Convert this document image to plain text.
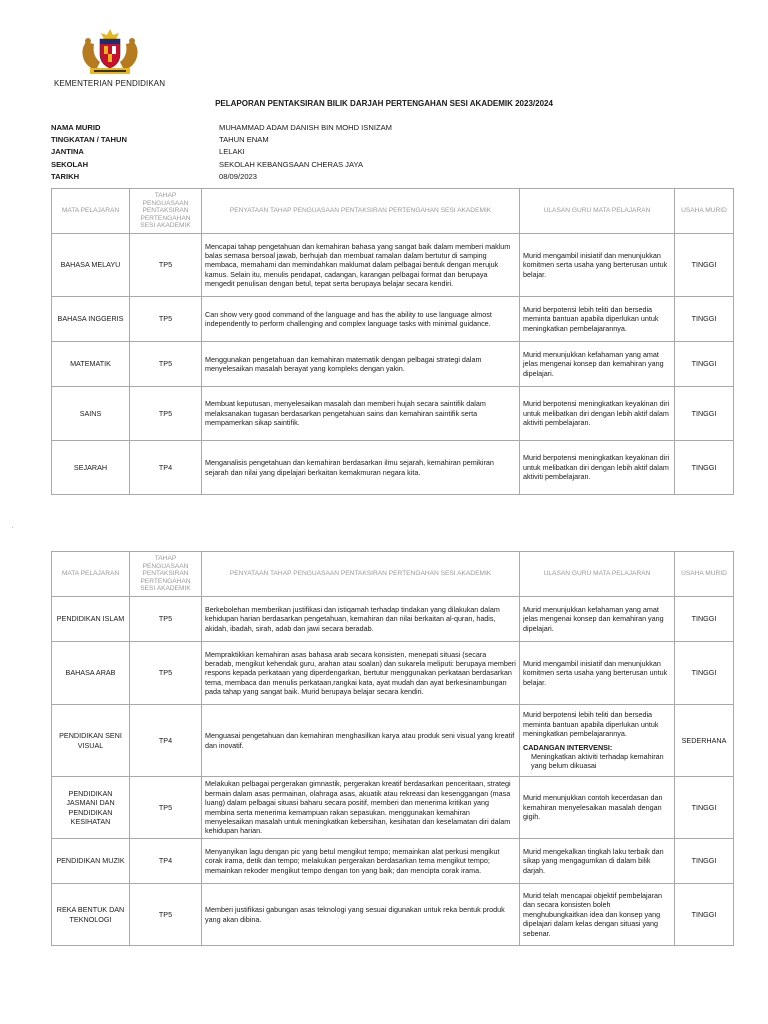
KEMENTERIAN PENDIDIKAN
PELAPORAN PENTAKSIRAN BILIK DARJAH PERTENGAHAN SESI AKADEMIK 2023/2024
NAMA MURID	MUHAMMAD ADAM DANISH BIN MOHD ISNIZAM
TINGKATAN / TAHUN	TAHUN ENAM
JANTINA	LELAKI
SEKOLAH	SEKOLAH KEBANGSAAN CHERAS JAYA
TARIKH	08/09/2023
MATA PELAJARAN	TAHAP PENGUASAAN PENTAKSIRAN PERTENGAHAN SESI AKADEMIK	PENYATAAN TAHAP PENGUASAAN PENTAKSIRAN PERTENGAHAN SESI AKADEMIK	ULASAN GURU MATA PELAJARAN	USAHA MURID
BAHASA MELAYU	TP5	Mencapai tahap pengetahuan dan kemahiran bahasa yang sangat baik dalam memberi maklum balas semasa bersoal jawab, berhujah dan membuat ramalan dalam bertutur di samping membaca, memahami dan memindahkan maklumat dalam pelbagai bentuk dengan merujuk kamus. Selain itu, menulis pendapat, cadangan, karangan pelbagai format dan berupaya mengedit penulisan dengan betul, tepat serta berupaya belajar secara kendiri.	Murid mengambil inisiatif dan menunjukkan komitmen serta usaha yang berterusan untuk belajar.	TINGGI
BAHASA INGGERIS	TP5	Can show very good command of the language and has the ability to use language almost independently to perform challenging and complex language tasks with minimal guidance.	Murid berpotensi lebih teliti dan bersedia meminta bantuan apabila diperlukan untuk meningkatkan pembelajarannya.	TINGGI
MATEMATIK	TP5	Menggunakan pengetahuan dan kemahiran matematik dengan pelbagai strategi dalam menyelesaikan masalah berayat yang kompleks dengan yakin.	Murid menunjukkan kefahaman yang amat jelas mengenai konsep dan kemahiran yang dipelajari.	TINGGI
SAINS	TP5	Membuat keputusan, menyelesaikan masalah dan memberi hujah secara saintifik dalam melaksanakan tugasan berdasarkan pengetahuan sains dan kemahiran saintifik serta mempamerkan sikap saintifik.	Murid berpotensi meningkatkan keyakinan diri untuk melibatkan diri dengan lebih aktif dalam aktiviti pembelajaran.	TINGGI
SEJARAH	TP4	Menganalisis pengetahuan dan kemahiran berdasarkan ilmu sejarah, kemahiran pemikiran sejarah dan nilai yang dipelajari berkaitan kemakmuran negara kita.	Murid berpotensi meningkatkan keyakinan diri untuk melibatkan diri dengan lebih aktif dalam aktiviti pembelajaran.	TINGGI
MATA PELAJARAN	TAHAP PENGUASAAN PENTAKSIRAN PERTENGAHAN SESI AKADEMIK	PENYATAAN TAHAP PENGUASAAN PENTAKSIRAN PERTENGAHAN SESI AKADEMIK	ULASAN GURU MATA PELAJARAN	USAHA MURID
PENDIDIKAN ISLAM	TP5	Berkebolehan memberikan justifikasi dan istiqamah terhadap tindakan yang dilakukan dalam kehidupan harian berdasarkan pengetahuan, kemahiran dan nilai berkaitan al-quran, hadis, akidah, ibadah, sirah, adab dan jawi secara beradab.	Murid menunjukkan kefahaman yang amat jelas mengenai konsep dan kemahiran yang dipelajari.	TINGGI
BAHASA ARAB	TP5	Mempraktikkan kemahiran asas bahasa arab secara konsisten, menepati situasi (secara beradab, mengikut kehendak guru, arahan atau soalan) dan sukarela meliputi: berupaya memberi respons kepada perkataan yang diperdengarkan, bertutur menggunakan perkataan berdasarkan tema, membaca dan menulis perkataan,rangkai kata, ayat mudah dan ayat berkesinambungan pada tahap yang sangat baik. Murid berupaya belajar secara kendiri.	Murid mengambil inisiatif dan menunjukkan komitmen serta usaha yang berterusan untuk belajar.	TINGGI
PENDIDIKAN SENI VISUAL	TP4	Menguasai pengetahuan dan kemahiran menghasilkan karya atau produk seni visual yang kreatif dan inovatif.	Murid berpotensi lebih teliti dan bersedia meminta bantuan apabila diperlukan untuk meningkatkan pembelajarannya.
CADANGAN INTERVENSI:
Meningkatkan aktiviti terhadap kemahiran yang belum dikuasai	SEDERHANA
PENDIDIKAN JASMANI DAN PENDIDIKAN KESIHATAN	TP5	Melakukan pelbagai pergerakan gimnastik, pergerakan kreatif berdasarkan pencerita​an, strategi bermain dalam asas permainan, olahraga asas, akuatik atau rekreasi dan kesenggangan (masa luang) dalam pelbagai situasi baharu secara positif, memberi dan menerima kritikan yang membina serta menerima kemampuan rakan sepasukan. menggunakan kemahiran menyelesaikan masalah untuk meningkatkan kebersihan, kesihatan dan keselamatan diri dalam kehidupan harian.	Murid menunjukkan contoh kecerdasan dan kemahiran menyelesaikan masalah dengan gigih.	TINGGI
PENDIDIKAN MUZIK	TP4	Menyanyikan lagu dengan pic yang betul mengikut tempo; memainkan alat perkusi mengikut corak irama, detik dan tempo; melakukan pergerakan berdasarkan tema mengikut tempo; memainkan rekoder mengikut tempo dengan ton yang baik; dan mencipta corak irama.	Murid mengekalkan tingkah laku terbaik dan sikap yang mengagumkan di dalam bilik darjah.	TINGGI
REKA BENTUK DAN TEKNOLOGI	TP5	Memberi justifikasi gabungan asas teknologi yang sesuai digunakan untuk reka bentuk produk yang akan dibina.	Murid telah mencapai objektif pembelajaran dan secara konsisten boleh menghubungkaitkan idea dan konsep yang dipelajari dalam kelas dengan situasi yang sebenar.	TINGGI
